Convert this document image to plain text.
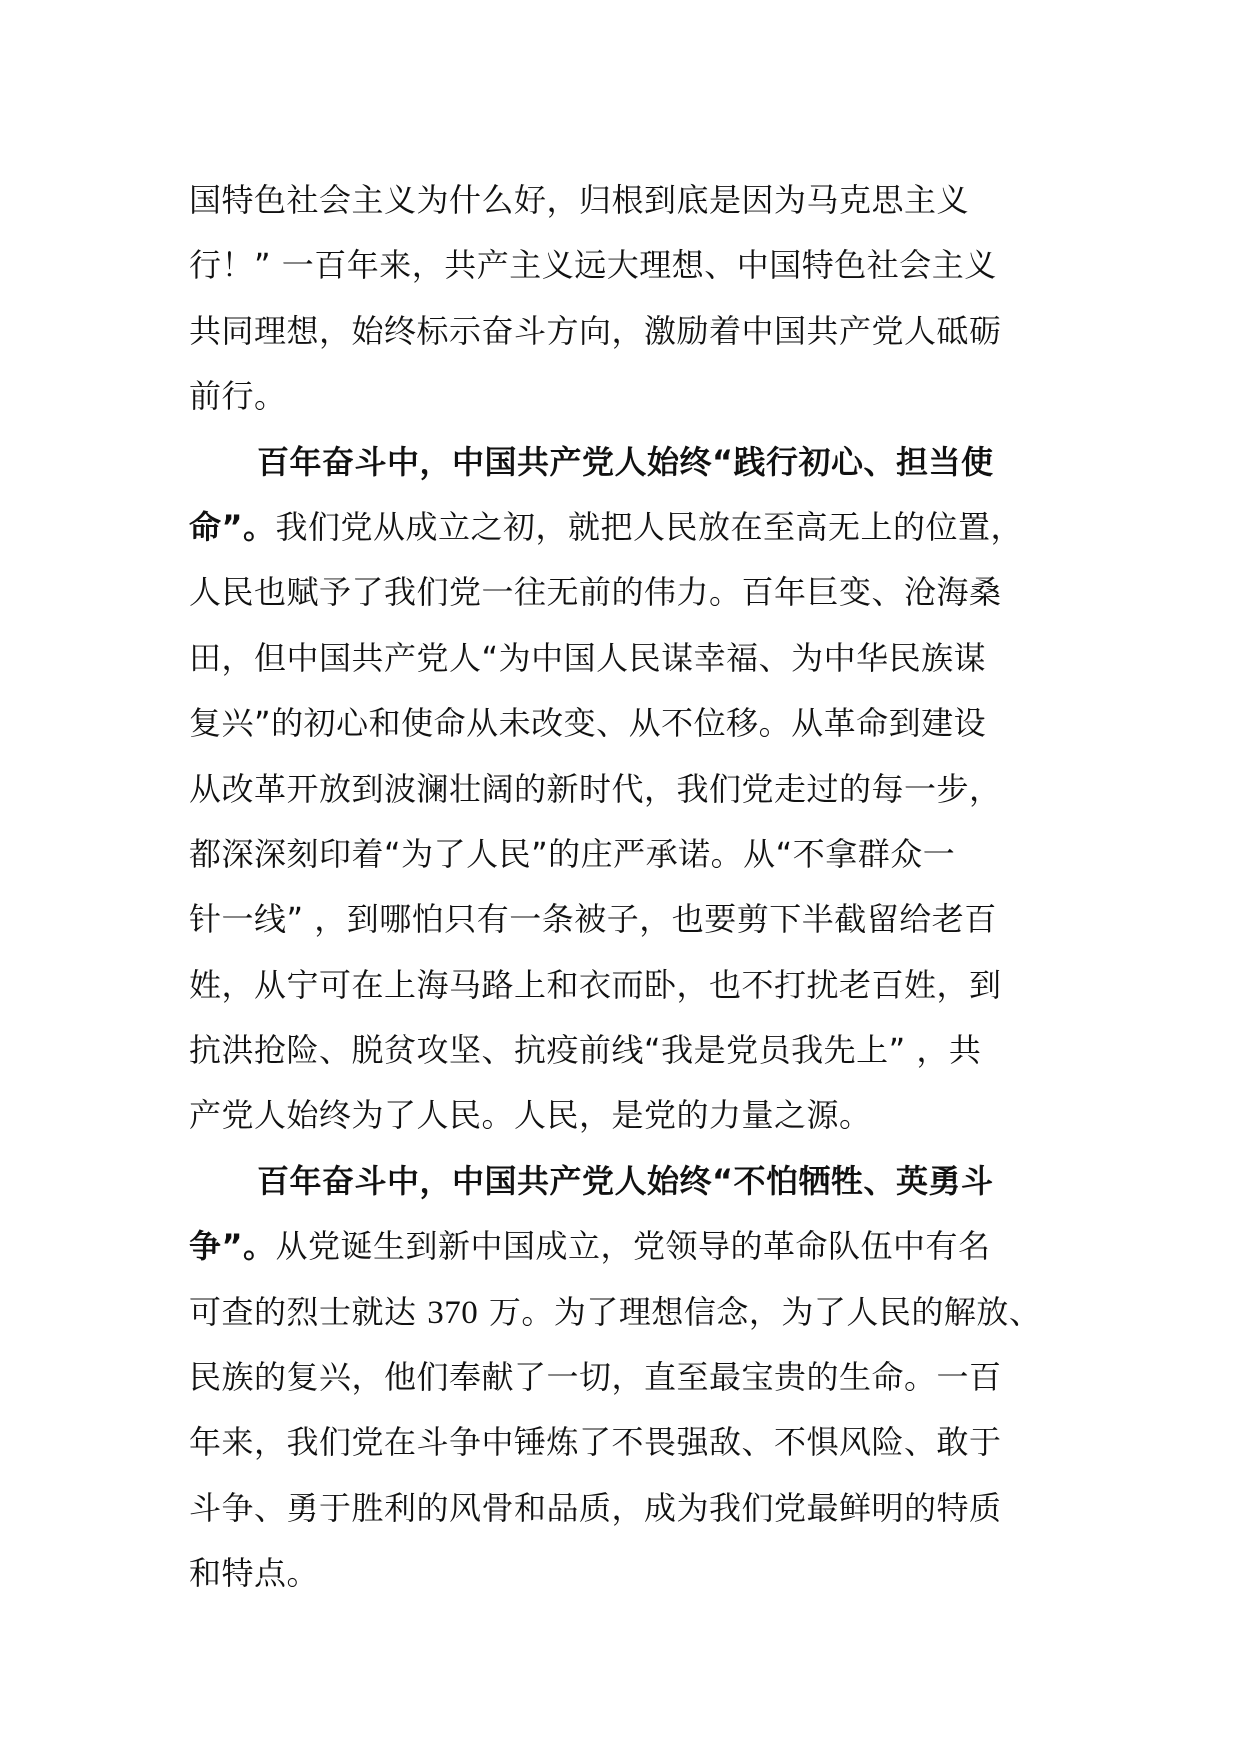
国特色社会主义为什么好，归根到底是因为马克思主义
行！” 一百年来，共产主义远大理想、中国特色社会主义
共同理想，始终标示奋斗方向，激励着中国共产党人砥砺
前行。
百年奋斗中，中国共产党人始终“践行初心、担当使
命”。我们党从成立之初，就把人民放在至高无上的位置，
人民也赋予了我们党一往无前的伟力。百年巨变、沧海桑
田，但中国共产党人“为中国人民谋幸福、为中华民族谋
复兴”的初心和使命从未改变、从不位移。从革命到建设
从改革开放到波澜壮阔的新时代，我们党走过的每一步，
都深深刻印着“为了人民”的庄严承诺。从“不拿群众一
针一线” ，到哪怕只有一条被子，也要剪下半截留给老百
姓，从宁可在上海马路上和衣而卧，也不打扰老百姓，到
抗洪抢险、脱贫攻坚、抗疫前线“我是党员我先上” ，共
产党人始终为了人民。人民，是党的力量之源。
百年奋斗中，中国共产党人始终“不怕牺牲、英勇斗
争”。从党诞生到新中国成立，党领导的革命队伍中有名
可查的烈士就达 370 万。为了理想信念，为了人民的解放、
民族的复兴，他们奉献了一切，直至最宝贵的生命。一百
年来，我们党在斗争中锤炼了不畏强敌、不惧风险、敢于
斗争、勇于胜利的风骨和品质，成为我们党最鲜明的特质
和特点。
